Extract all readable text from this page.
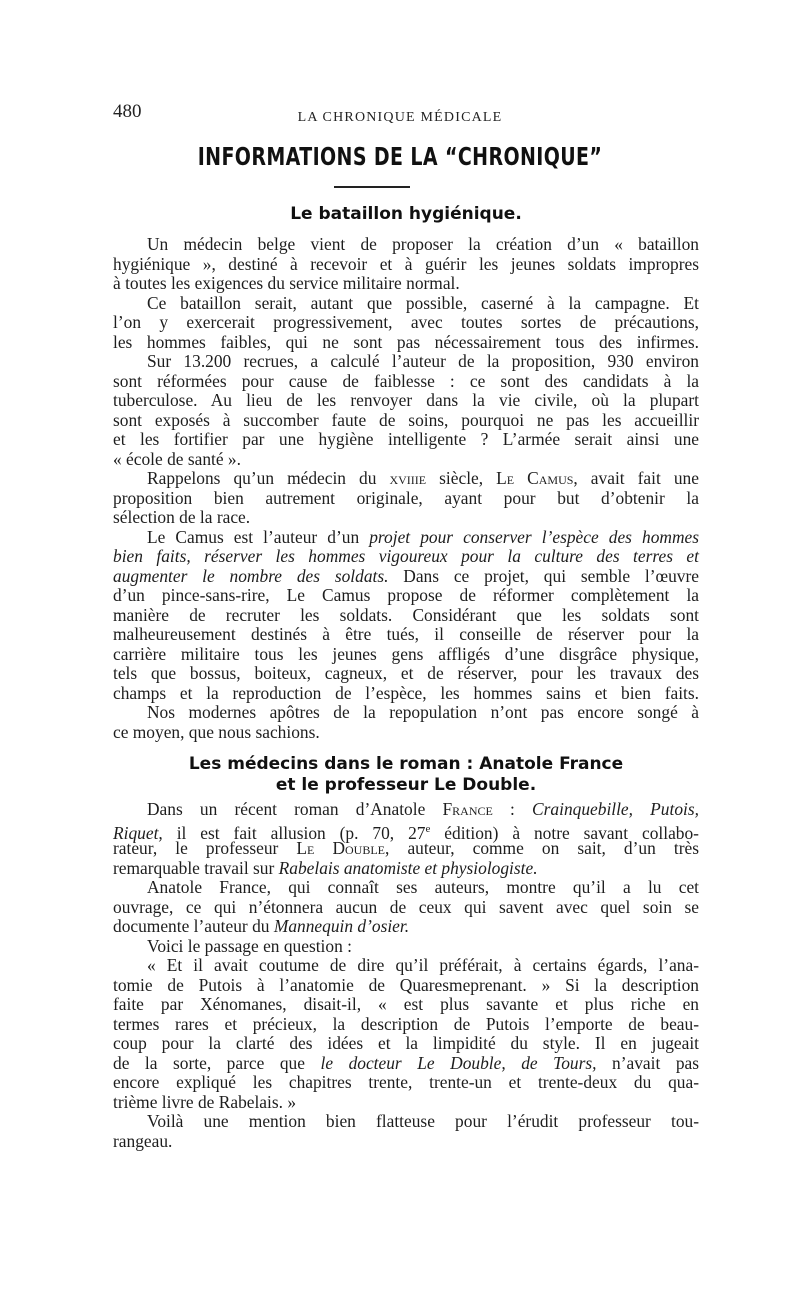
480	LA CHRONIQUE MÉDICALE
INFORMATIONS DE LA “CHRONIQUE”
Le bataillon hygiénique.
Un médecin belge vient de proposer la création d’un « bataillon
hygiénique », destiné à recevoir et à guérir les jeunes soldats impropres
à toutes les exigences du service militaire normal.
Ce bataillon serait, autant que possible, caserné à la campagne. Et
l’on y exercerait progressivement, avec toutes sortes de précautions,
les hommes faibles, qui ne sont pas nécessairement tous des infirmes.
Sur 13.200 recrues, a calculé l’auteur de la proposition, 930 environ
sont réformées pour cause de faiblesse : ce sont des candidats à la
tuberculose. Au lieu de les renvoyer dans la vie civile, où la plupart
sont exposés à succomber faute de soins, pourquoi ne pas les accueillir
et les fortifier par une hygiène intelligente ? L’armée serait ainsi une
« école de santé ».
Rappelons qu’un médecin du xviiie siècle, Le Camus, avait fait une
proposition bien autrement originale, ayant pour but d’obtenir la
sélection de la race.
Le Camus est l’auteur d’un projet pour conserver l’espèce des hommes
bien faits, réserver les hommes vigoureux pour la culture des terres et
augmenter le nombre des soldats. Dans ce projet, qui semble l’œuvre
d’un pince-sans-rire, Le Camus propose de réformer complètement la
manière de recruter les soldats. Considérant que les soldats sont
malheureusement destinés à être tués, il conseille de réserver pour la
carrière militaire tous les jeunes gens affligés d’une disgrâce physique,
tels que bossus, boiteux, cagneux, et de réserver, pour les travaux des
champs et la reproduction de l’espèce, les hommes sains et bien faits.
Nos modernes apôtres de la repopulation n’ont pas encore songé à
ce moyen, que nous sachions.
Les médecins dans le roman : Anatole France
et le professeur Le Double.
Dans un récent roman d’Anatole France : Crainquebille, Putois,
Riquet, il est fait allusion (p. 70, 27e édition) à notre savant collabo-
rateur, le professeur Le Double, auteur, comme on sait, d’un très
remarquable travail sur Rabelais anatomiste et physiologiste.
Anatole France, qui connaît ses auteurs, montre qu’il a lu cet
ouvrage, ce qui n’étonnera aucun de ceux qui savent avec quel soin se
documente l’auteur du Mannequin d’osier.
Voici le passage en question :
« Et il avait coutume de dire qu’il préférait, à certains égards, l’ana-
tomie de Putois à l’anatomie de Quaresmeprenant. » Si la description
faite par Xénomanes, disait-il, « est plus savante et plus riche en
termes rares et précieux, la description de Putois l’emporte de beau-
coup pour la clarté des idées et la limpidité du style. Il en jugeait
de la sorte, parce que le docteur Le Double, de Tours, n’avait pas
encore expliqué les chapitres trente, trente-un et trente-deux du qua-
trième livre de Rabelais. »
Voilà une mention bien flatteuse pour l’érudit professeur tou-
rangeau.
